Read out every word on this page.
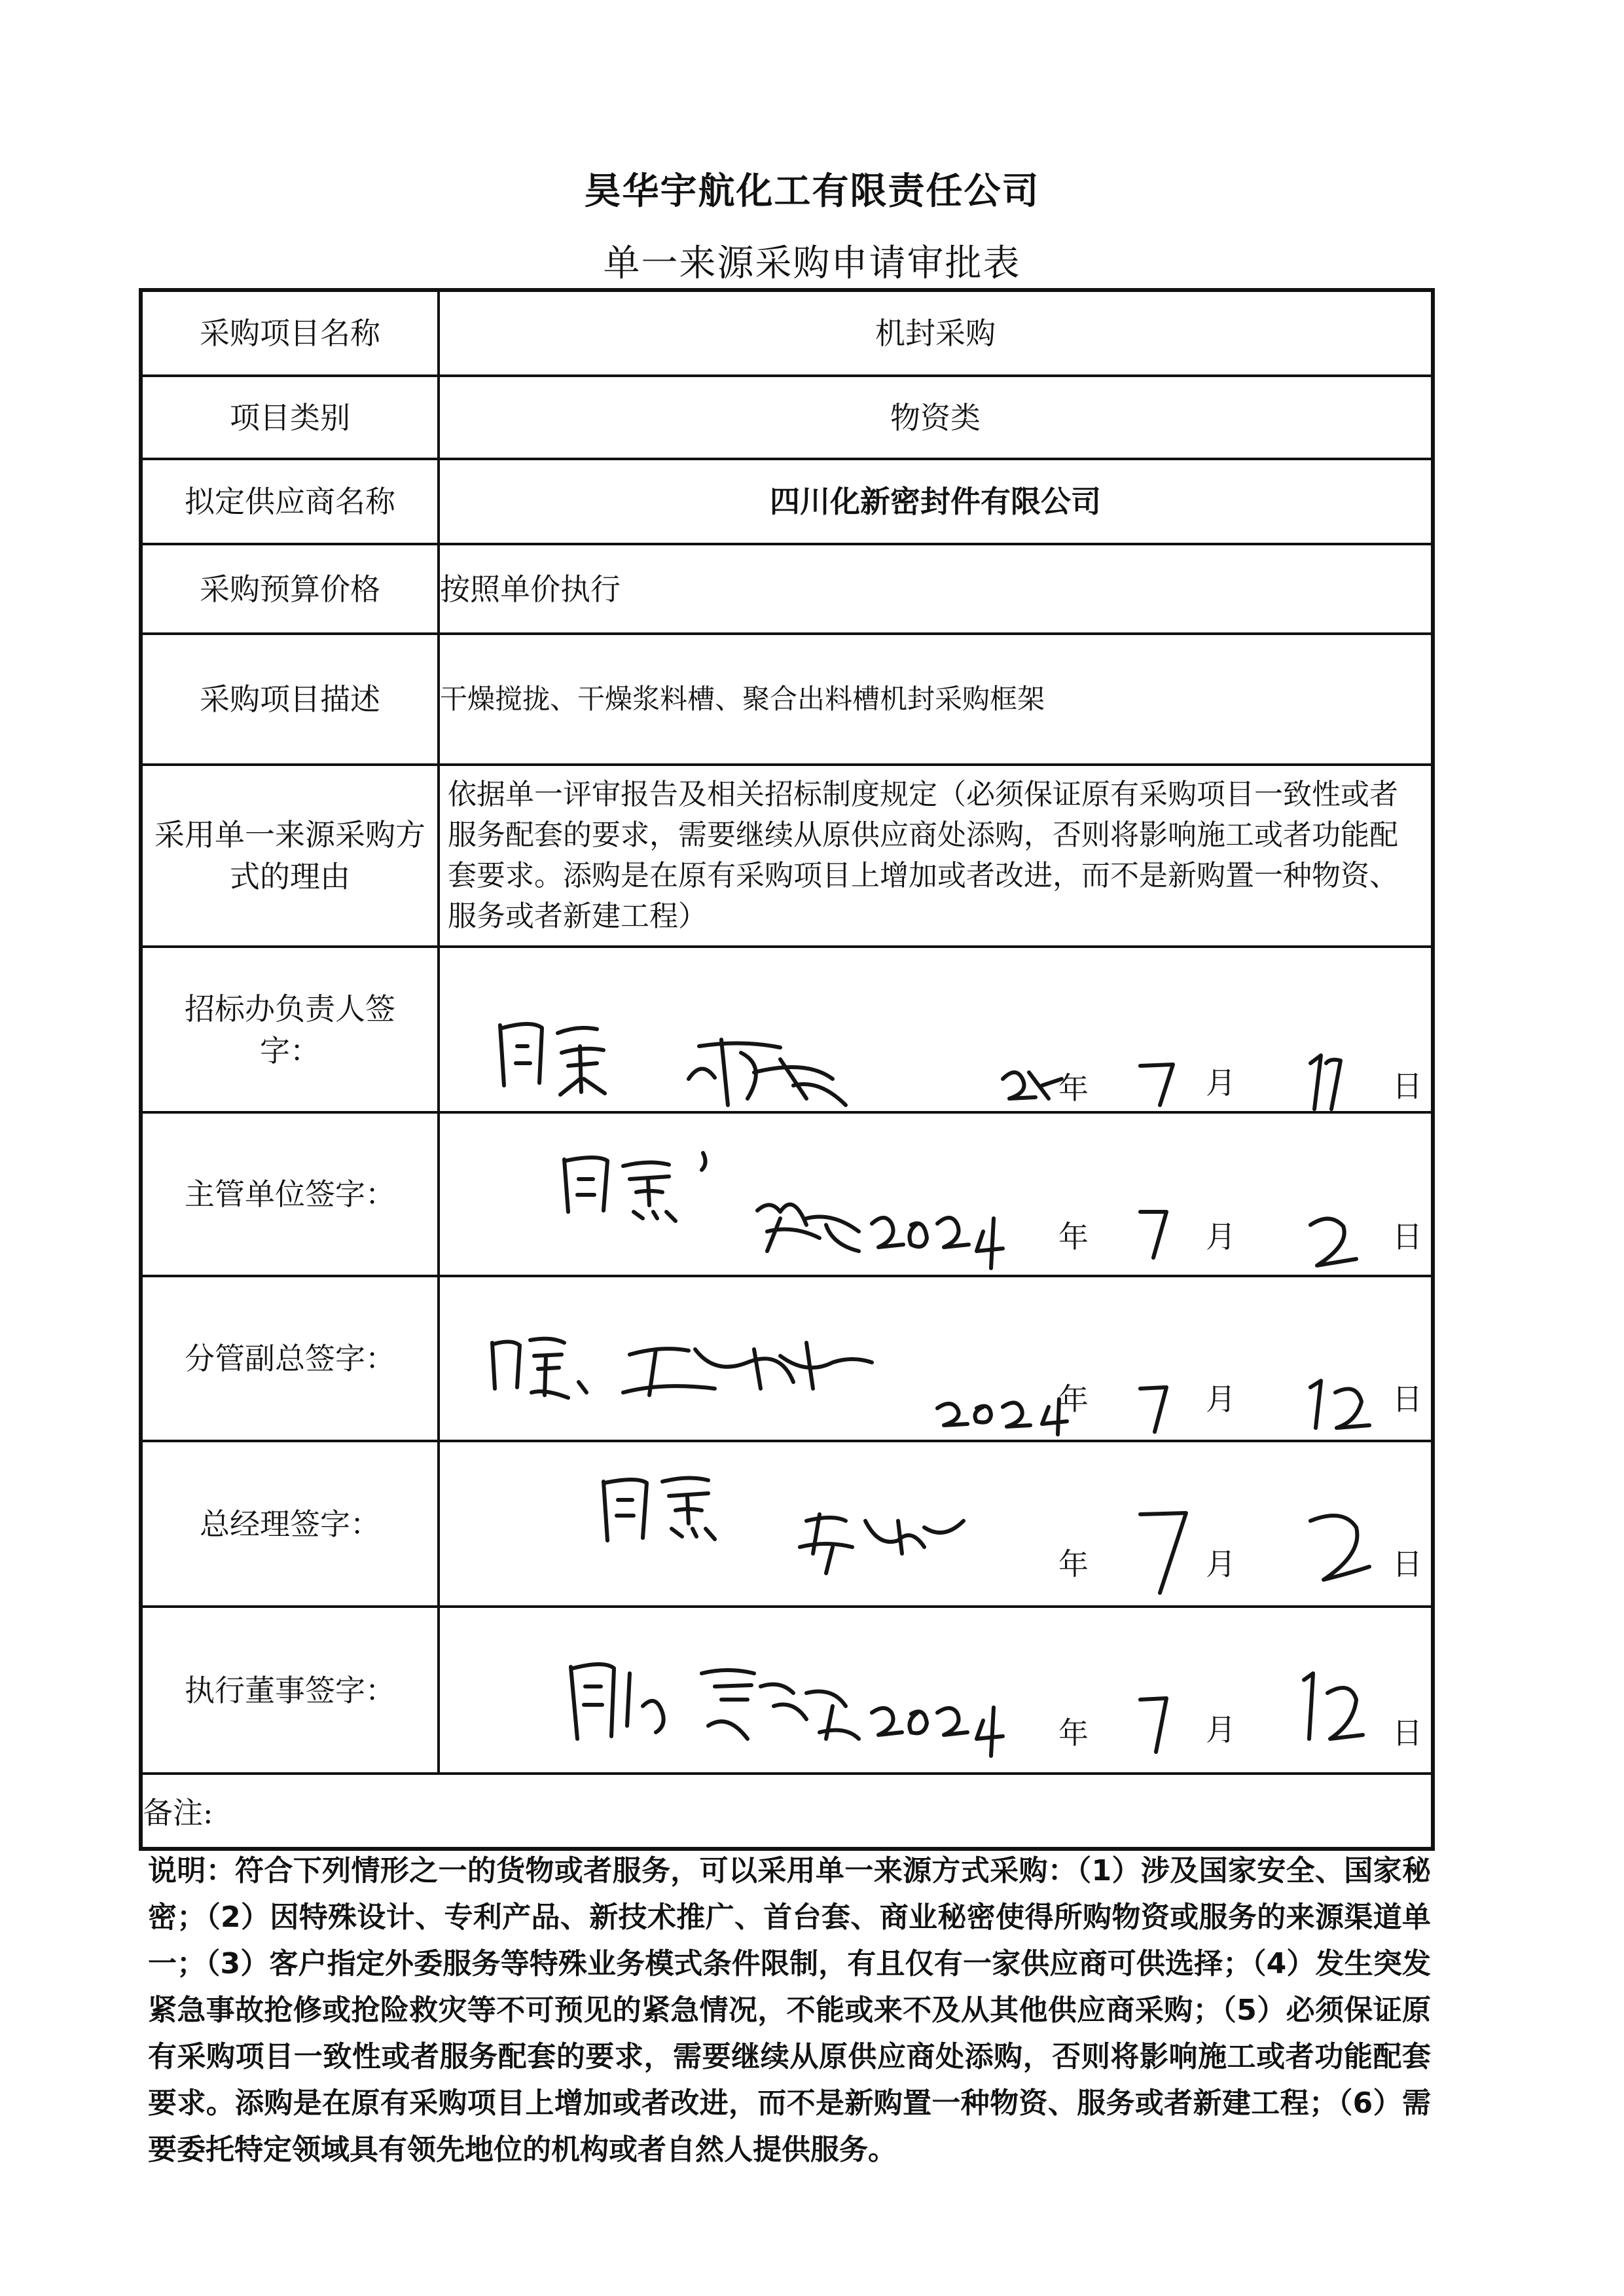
昊华宇航化工有限责任公司
单一来源采购申请审批表
采购项目名称	机封采购
项目类别	物资类
拟定供应商名称	四川化新密封件有限公司
采购预算价格	按照单价执行
采购项目描述	干燥搅拢、干燥浆料槽、聚合出料槽机封采购框架
采用单一来源采购方式的理由	依据单一评审报告及相关招标制度规定（必须保证原有采购项目一致性或者服务配套的要求，需要继续从原供应商处添购，否则将影响施工或者功能配套要求。添购是在原有采购项目上增加或者改进，而不是新购置一种物资、服务或者新建工程）
招标办负责人签字：	年 月 日

主管单位签字：	年 月 日

分管副总签字：	年 月 日

总经理签字：	年 月 日

执行董事签字：	年 月 日

备注:	
说明：符合下列情形之一的货物或者服务，可以采用单一来源方式采购：（1）涉及国家安全、国家秘密；（2）因特殊设计、专利产品、新技术推广、首台套、商业秘密使得所购物资或服务的来源渠道单一；（3）客户指定外委服务等特殊业务模式条件限制，有且仅有一家供应商可供选择；（4）发生突发紧急事故抢修或抢险救灾等不可预见的紧急情况，不能或来不及从其他供应商采购；（5）必须保证原有采购项目一致性或者服务配套的要求，需要继续从原供应商处添购，否则将影响施工或者功能配套要求。添购是在原有采购项目上增加或者改进，而不是新购置一种物资、服务或者新建工程；（6）需要委托特定领域具有领先地位的机构或者自然人提供服务。
